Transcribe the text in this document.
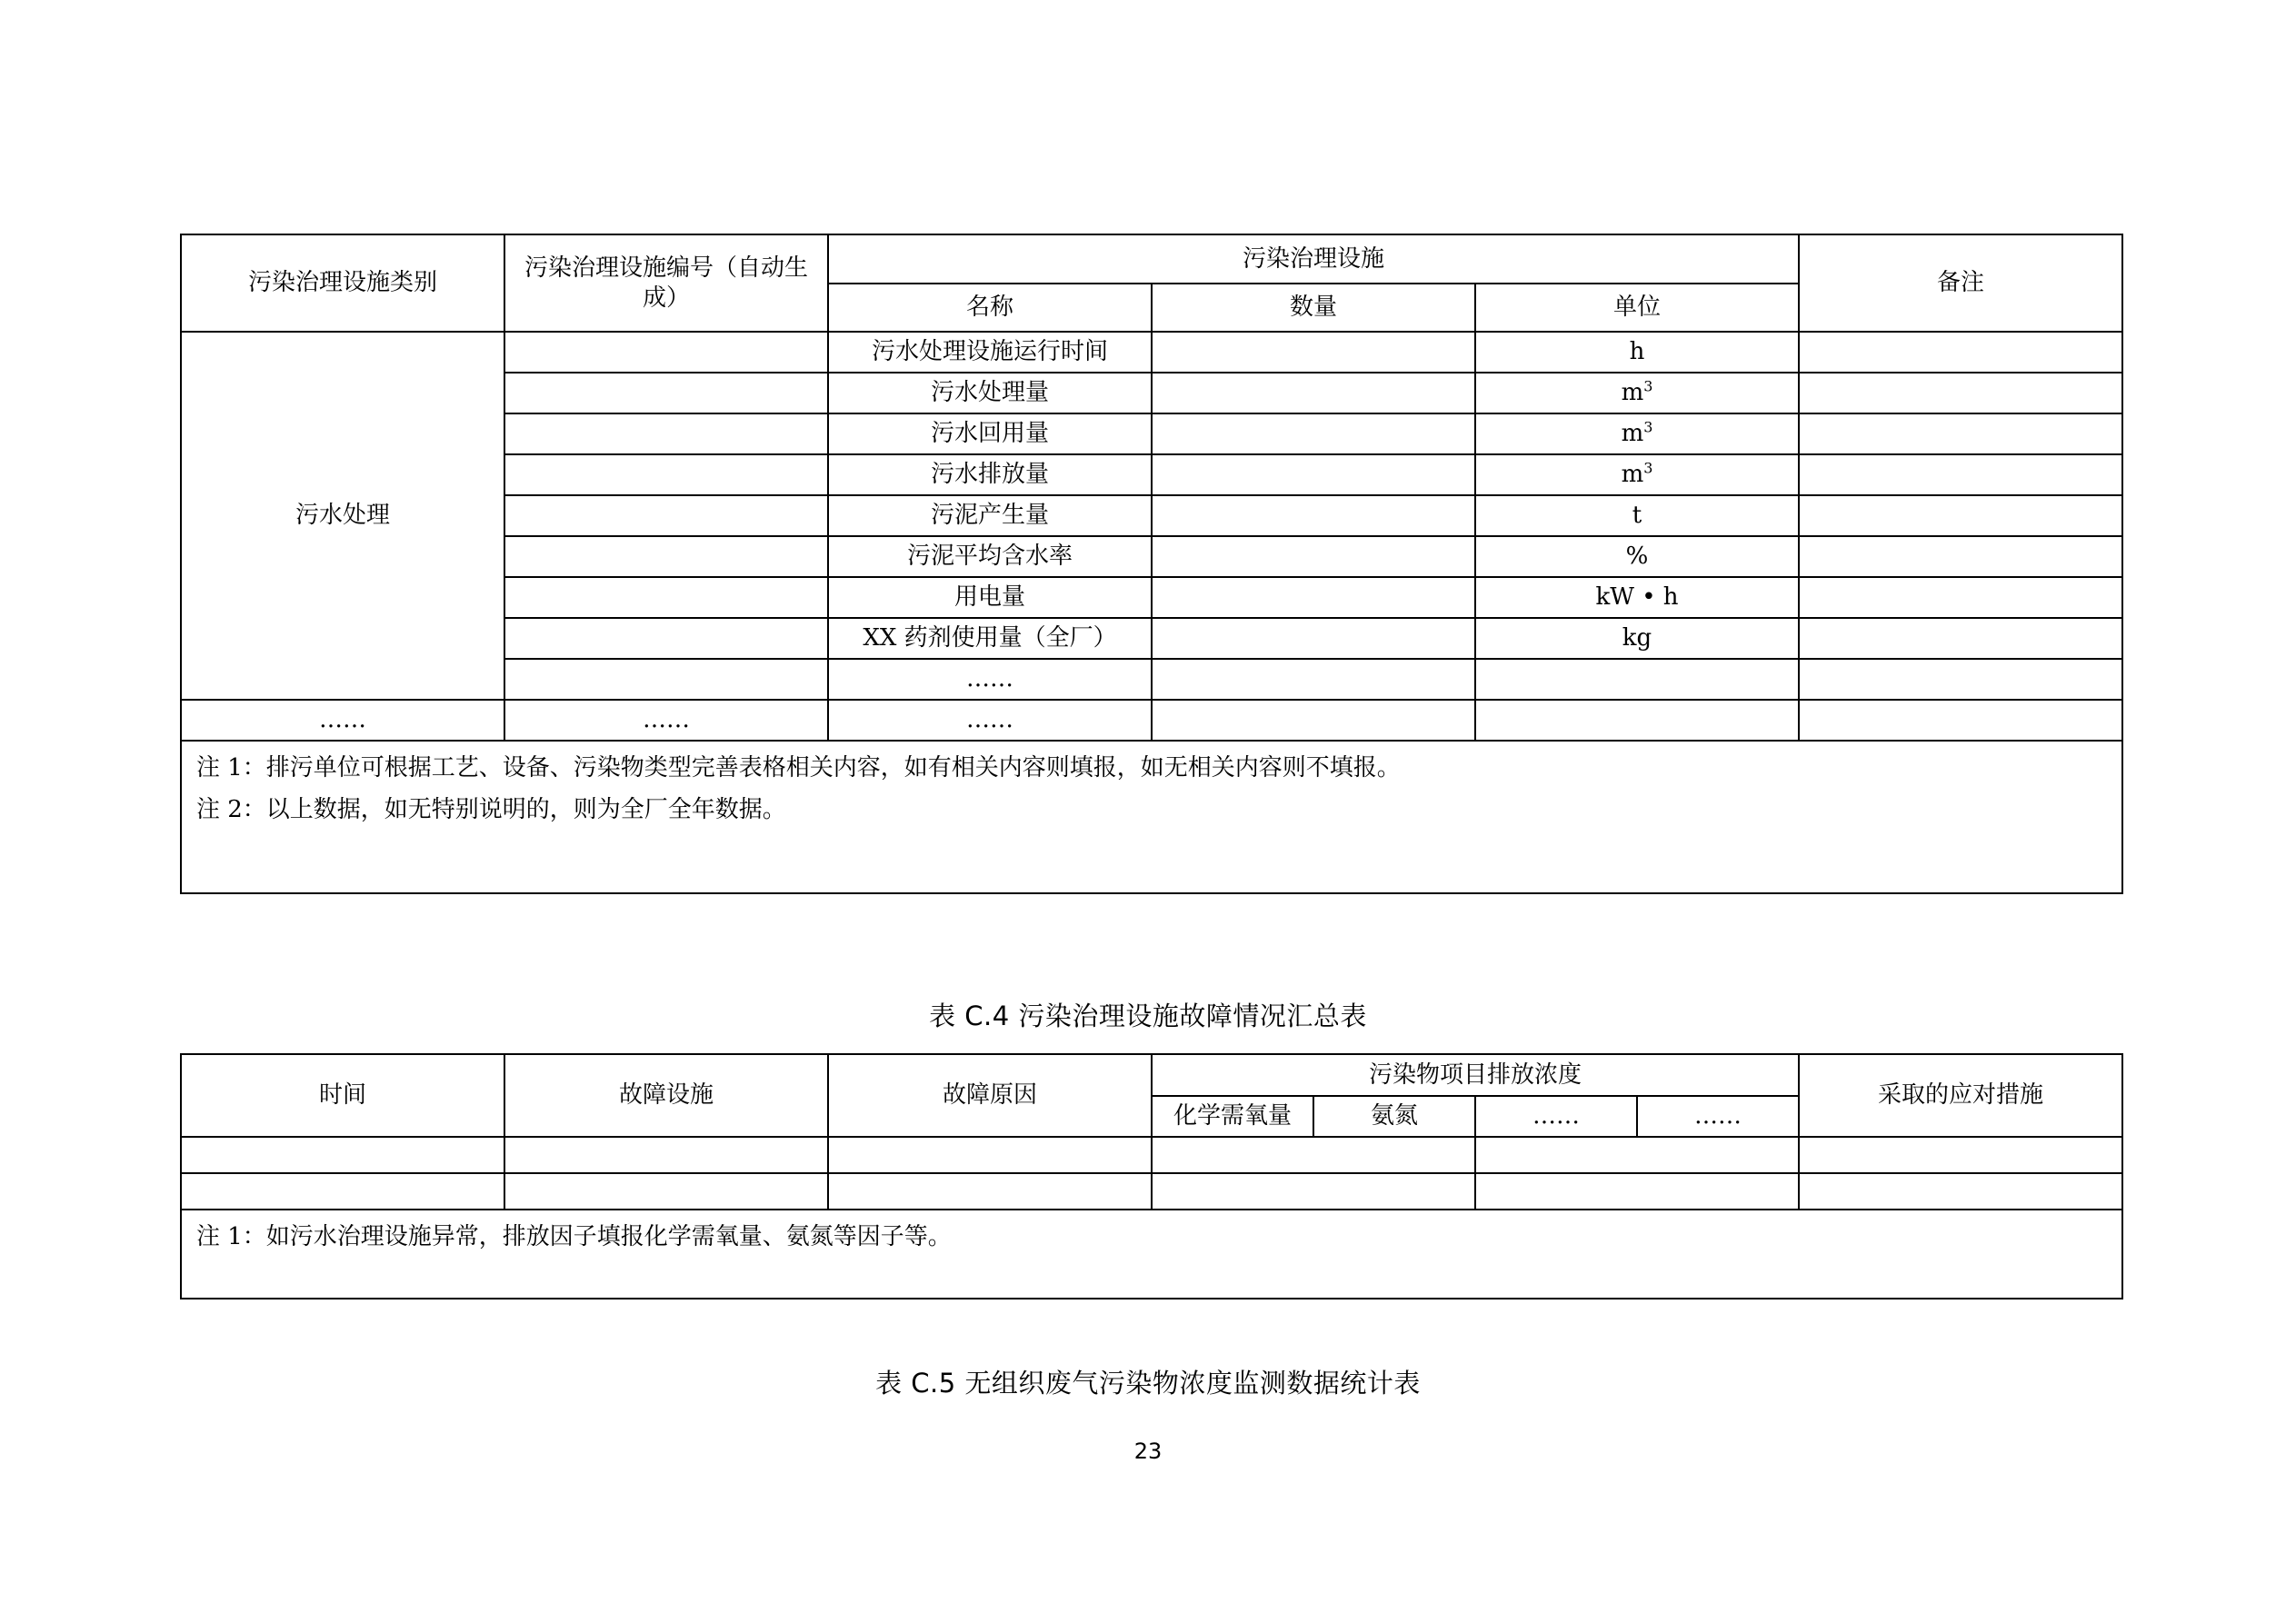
污染治理设施类别	污染治理设施编号（自动生成）	污染治理设施			备注
		名称	数量	单位	
污水处理		污水处理设施运行时间		h	
		污水处理量		$m^3$	
		污水回用量		$m^3$	
		污水排放量		$m^3$	
		污泥产生量		t	
		污泥平均含水率		%	
		用电量		kW • h	
		XX 药剂使用量（全厂）		kg	
		……			
……	……	……			

注 1：排污单位可根据工艺、设备、污染物类型完善表格相关内容，如有相关内容则填报，如无相关内容则不填报。
注 2：以上数据，如无特别说明的，则为全厂全年数据。					
表 C.4 污染治理设施故障情况汇总表
时间	故障设施	故障原因	污染物项目排放浓度				采取的应对措施
			化学需氧量	氨氮	……	……	

注 1：如污水治理设施异常，排放因子填报化学需氧量、氨氮等因子等。							
表 C.5 无组织废气污染物浓度监测数据统计表
23
